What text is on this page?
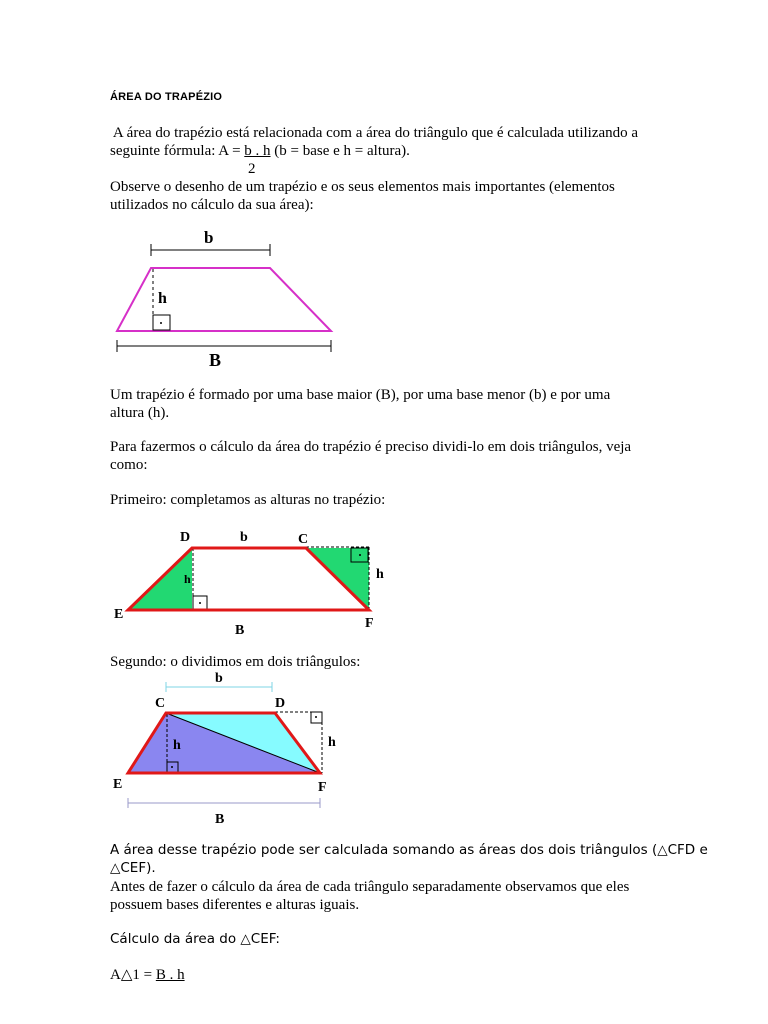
ÁREA DO TRAPÉZIO

A área do trapézio está relacionada com a área do triângulo que é calculada utilizando a

seguinte fórmula: A = b . h (b = base e h = altura).

2

Observe o desenho de um trapézio e os seus elementos mais importantes (elementos

utilizados no cálculo da sua área):

b
h
B

Um trapézio é formado por uma base maior (B), por uma base menor (b) e por uma

altura (h).

Para fazermos o cálculo da área do trapézio é preciso dividi-lo em dois triângulos, veja

como:

Primeiro: completamos as alturas no trapézio:

D	b	C
E
F
B
h	h

Segundo: o dividimos em dois triângulos:

b
C	D
E	F
h	h
B

A área desse trapézio pode ser calculada somando as áreas dos dois triângulos (△CFD e

△CEF).

Antes de fazer o cálculo da área de cada triângulo separadamente observamos que eles

possuem bases diferentes e alturas iguais.

Cálculo da área do △CEF:

A△1 = B . h
